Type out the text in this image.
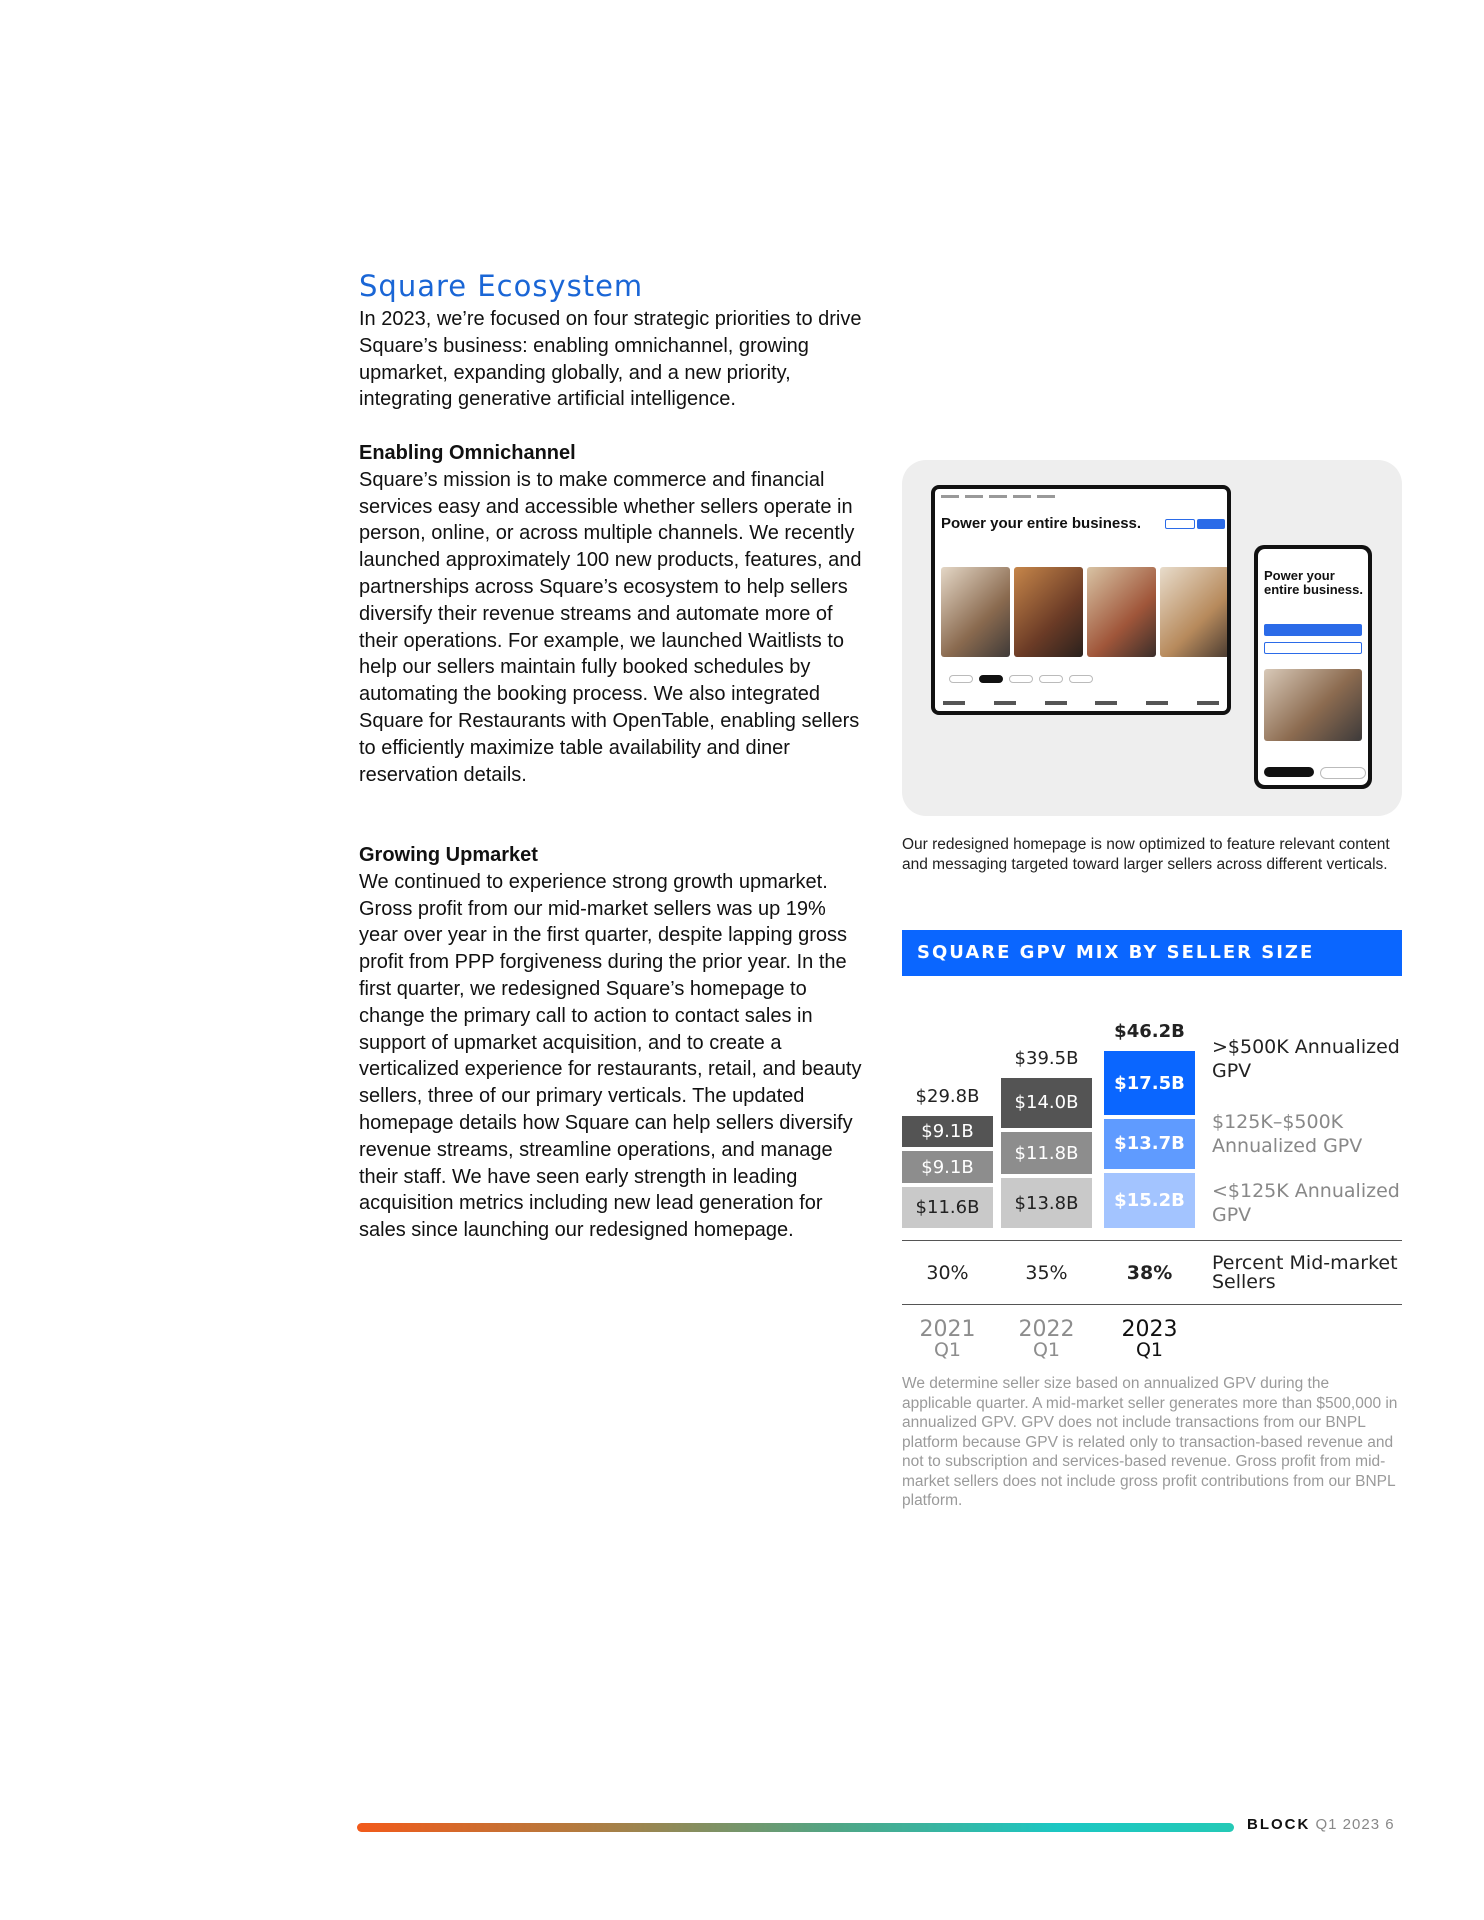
Square Ecosystem

In 2023, we’re focused on four strategic priorities to drive Square’s business: enabling omnichannel, growing upmarket, expanding globally, and a new priority, integrating generative artificial intelligence.

Enabling Omnichannel

Square’s mission is to make commerce and financial services easy and accessible whether sellers operate in person, online, or across multiple channels. We recently launched approximately 100 new products, features, and partnerships across Square’s ecosystem to help sellers diversify their revenue streams and automate more of their operations. For example, we launched Waitlists to help our sellers maintain fully booked schedules by automating the booking process. We also integrated Square for Restaurants with OpenTable, enabling sellers to efficiently maximize table availability and diner reservation details.

Growing Upmarket

We continued to experience strong growth upmarket. Gross profit from our mid-market sellers was up 19% year over year in the first quarter, despite lapping gross profit from PPP forgiveness during the prior year. In the first quarter, we redesigned Square’s homepage to change the primary call to action to contact sales in support of upmarket acquisition, and to create a verticalized experience for restaurants, retail, and beauty sellers, three of our primary verticals. The updated homepage details how Square can help sellers diversify revenue streams, streamline operations, and manage their staff. We have seen early strength in leading acquisition metrics including new lead generation for sales since launching our redesigned homepage.

Power your entire business.
Power your entire business.
Our redesigned homepage is now optimized to feature relevant content and messaging targeted toward larger sellers across different verticals.
SQUARE GPV MIX BY SELLER SIZE
>$500K Annualized GPV
$125K–$500K Annualized GPV
<$125K Annualized GPV
Percent Mid-market Sellers
$11.6B
$9.1B
$9.1B
$29.8B
30%
2021
Q1
$13.8B
$11.8B
$14.0B
$39.5B
35%
2022
Q1
$15.2B
$13.7B
$17.5B
$46.2B
38%
2023
Q1
We determine seller size based on annualized GPV during the applicable quarter. A mid-market seller generates more than $500,000 in annualized GPV. GPV does not include transactions from our BNPL platform because GPV is related only to transaction-based revenue and not to subscription and services-based revenue. Gross profit from mid-market sellers does not include gross profit contributions from our BNPL platform.
BLOCK Q1 2023 6
